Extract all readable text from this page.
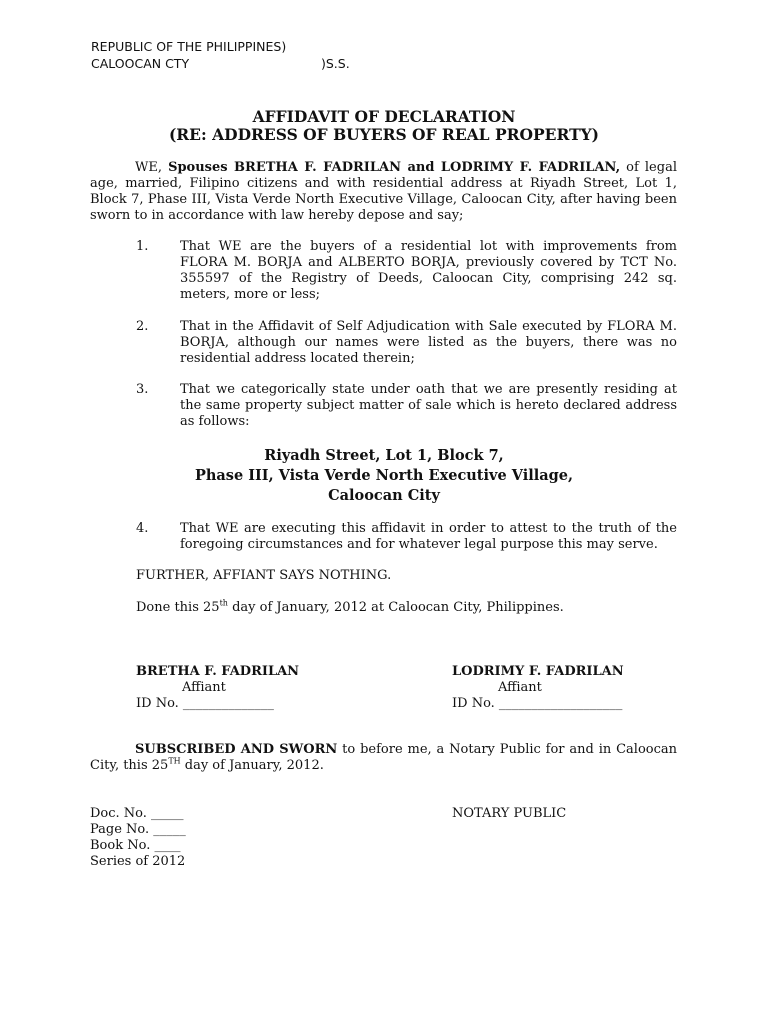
REPUBLIC OF THE PHILIPPINES)

CALOOCAN CTY	)S.S.

AFFIDAVIT OF DECLARATION

(RE: ADDRESS OF BUYERS OF REAL PROPERTY)

WE, Spouses BRETHA F. FADRILAN and LODRIMY F. FADRILAN, of legal age, married, Filipino citizens and with residential address at Riyadh Street, Lot 1, Block 7, Phase III, Vista Verde North Executive Village, Caloocan City, after having been sworn to in accordance with law hereby depose and say;

1. That WE are the buyers of a residential lot with improvements from FLORA M. BORJA and ALBERTO BORJA, previously covered by TCT No. 355597 of the Registry of Deeds, Caloocan City, comprising 242 sq. meters, more or less;

2. That in the Affidavit of Self Adjudication with Sale executed by FLORA M. BORJA, although our names were listed as the buyers, there was no residential address located therein;

3. That we categorically state under oath that we are presently residing at the same property subject matter of sale which is hereto declared address as follows:

Riyadh Street, Lot 1, Block 7,

Phase III, Vista Verde North Executive Village,

Caloocan City

4. That WE are executing this affidavit in order to attest to the truth of the foregoing circumstances and for whatever legal purpose this may serve.

FURTHER, AFFIANT SAYS NOTHING.

Done this 25th day of January, 2012 at Caloocan City, Philippines.

BRETHA F. FADRILAN

Affiant

ID No. ______________

LODRIMY F. FADRILAN

Affiant

ID No. ___________________

SUBSCRIBED AND SWORN to before me, a Notary Public for and in Caloocan City, this 25TH day of January, 2012.

Doc. No. _____

Page No. _____

Book No. ____

Series of 2012

NOTARY PUBLIC
